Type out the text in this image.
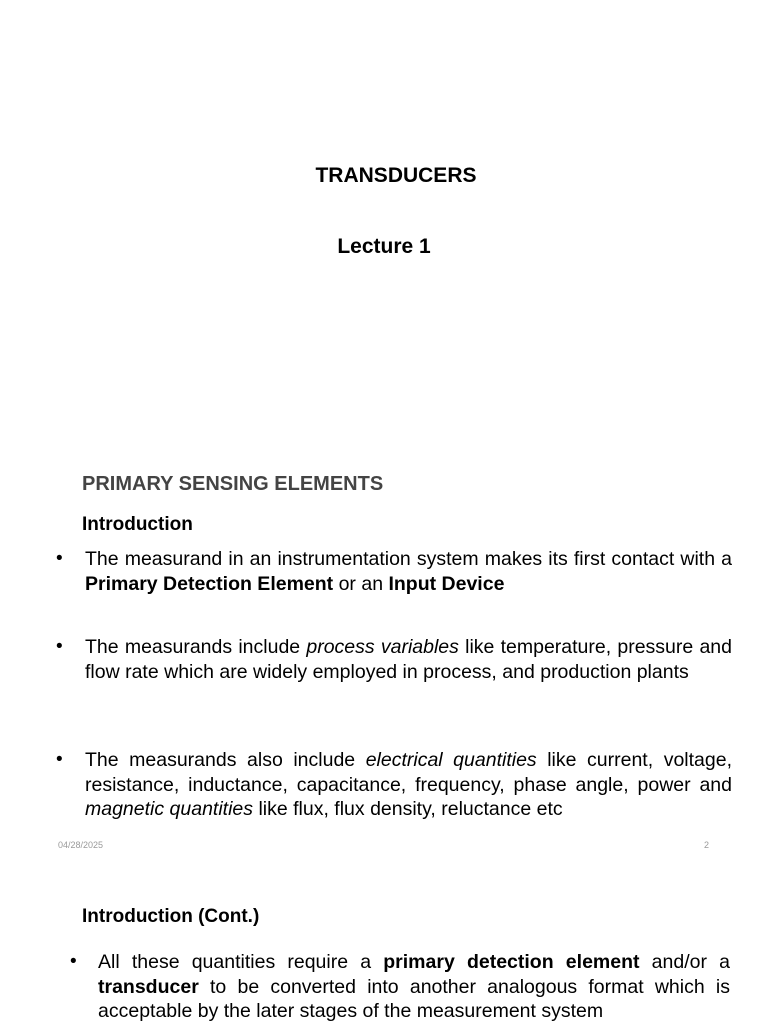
TRANSDUCERS
Lecture 1
PRIMARY SENSING ELEMENTS
Introduction
• The measurand in an instrumentation system makes its first contact with a Primary Detection Element or an Input Device
• The measurands include process variables like temperature, pressure and flow rate which are widely employed in process, and production plants
• The measurands also include electrical quantities like current, voltage, resistance, inductance, capacitance, frequency, phase angle, power and magnetic quantities like flux, flux density, reluctance etc
04/28/2025	2
Introduction (Cont.)
• All these quantities require a primary detection element and/or a transducer to be converted into another analogous format which is acceptable by the later stages of the measurement system
